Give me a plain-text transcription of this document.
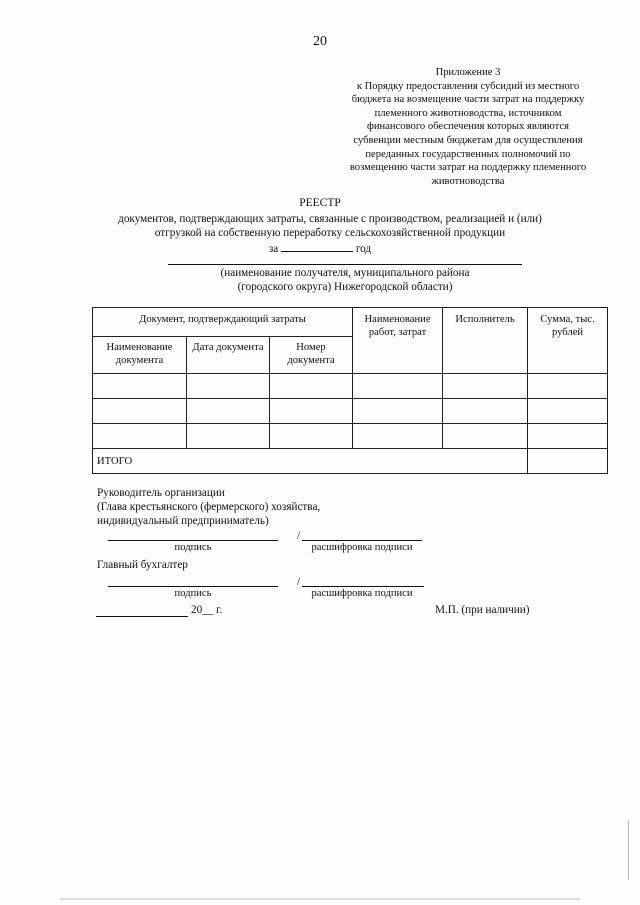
20
Приложение 3
к Порядку предоставления субсидий из местного
бюджета на возмещение части затрат на поддержку
племенного животноводства, источником
финансового обеспечения которых являются
субвенции местным бюджетам для осуществления
переданных государственных полномочий по
возмещению части затрат на поддержку племенного
животноводства
РЕЕСТР
документов, подтверждающих затраты, связанные с производством, реализацией и (или)
отгрузкой на собственную переработку сельскохозяйственной продукции
за	год
(наименование получателя, муниципального района
(городского округа) Нижегородской области)
Документ, подтверждающий затраты			Наименование работ, затрат	Исполнитель	Сумма, тыс. рублей
Наименование документа	Дата документа	Номер документа			

ИТОГО					
Руководитель организации
(Глава крестьянского (фермерского) хозяйства,
индивидуальный предприниматель)
/
подпись	расшифровка подписи
Главный бухгалтер
/
подпись	расшифровка подписи
20__ г.	М.П. (при наличии)
